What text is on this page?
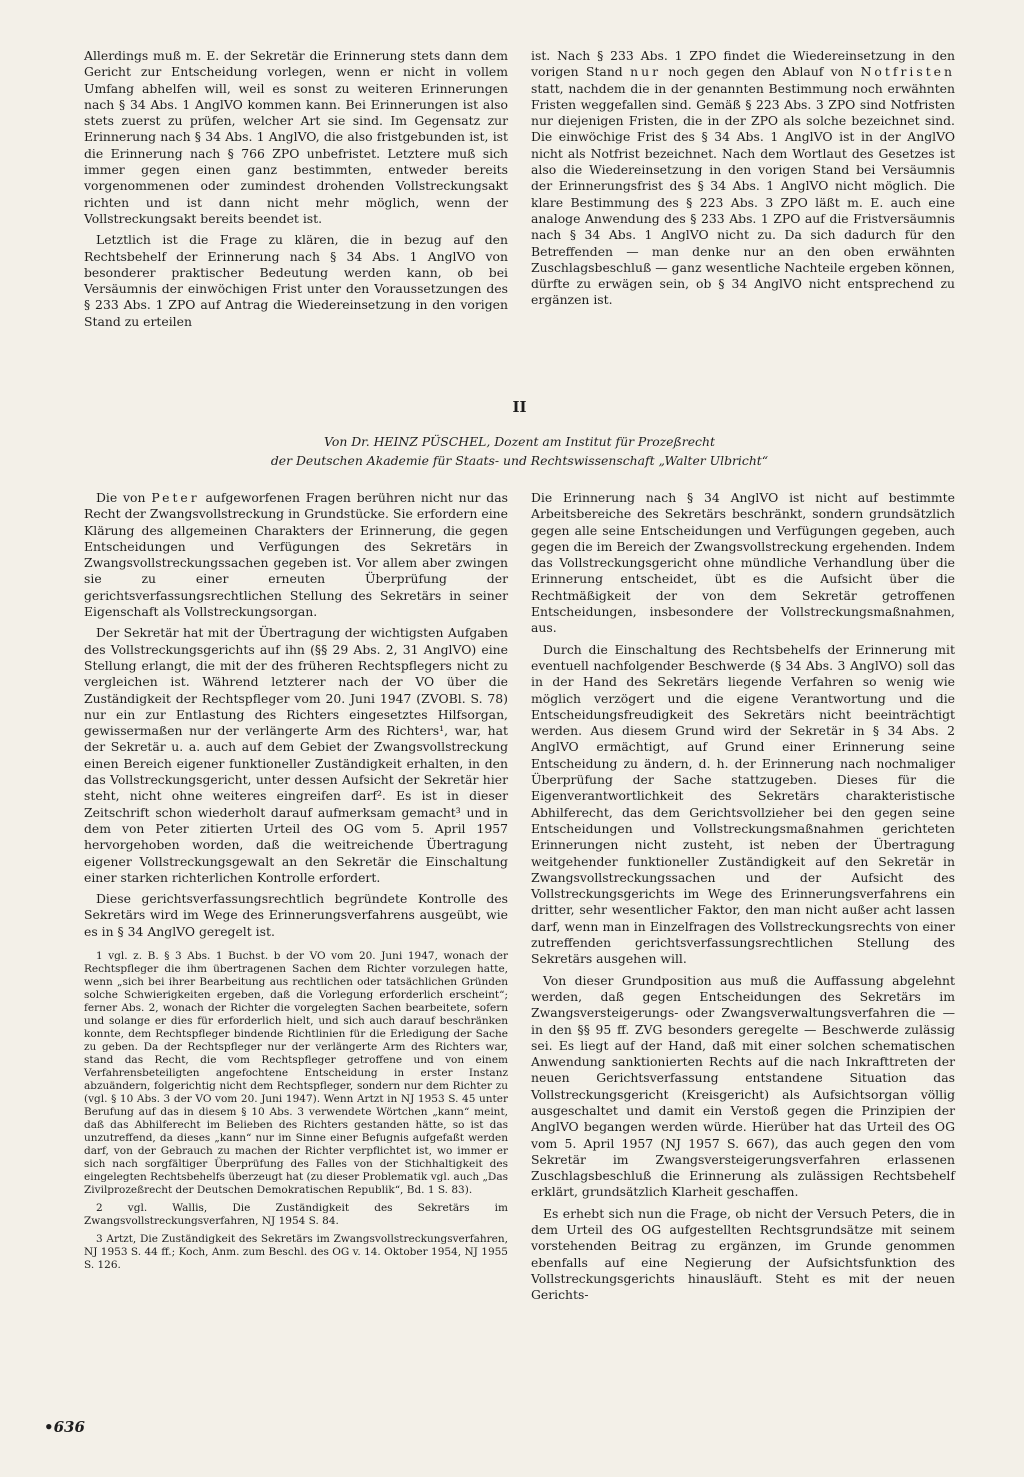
Allerdings muß m. E. der Sekretär die Erinnerung stets dann dem Gericht zur Entscheidung vorlegen, wenn er nicht in vollem Umfang abhelfen will, weil es sonst zu weiteren Erinnerungen nach § 34 Abs. 1 AnglVO kommen kann. Bei Erinnerungen ist also stets zuerst zu prüfen, welcher Art sie sind. Im Gegensatz zur Erinnerung nach § 34 Abs. 1 AnglVO, die also fristgebunden ist, ist die Erinnerung nach § 766 ZPO unbefristet. Letztere muß sich immer gegen einen ganz bestimmten, entweder bereits vorgenommenen oder zumindest drohenden Vollstreckungsakt richten und ist dann nicht mehr möglich, wenn der Vollstreckungsakt bereits beendet ist.

Letztlich ist die Frage zu klären, die in bezug auf den Rechtsbehelf der Erinnerung nach § 34 Abs. 1 AnglVO von besonderer praktischer Bedeutung werden kann, ob bei Versäumnis der einwöchigen Frist unter den Voraussetzungen des § 233 Abs. 1 ZPO auf Antrag die Wiedereinsetzung in den vorigen Stand zu erteilen

ist. Nach § 233 Abs. 1 ZPO findet die Wiedereinsetzung in den vorigen Stand nur noch gegen den Ablauf von Notfristen statt, nachdem die in der genannten Bestimmung noch erwähnten Fristen weggefallen sind. Gemäß § 223 Abs. 3 ZPO sind Notfristen nur diejenigen Fristen, die in der ZPO als solche bezeichnet sind. Die einwöchige Frist des § 34 Abs. 1 AnglVO ist in der AnglVO nicht als Notfrist bezeichnet. Nach dem Wortlaut des Gesetzes ist also die Wiedereinsetzung in den vorigen Stand bei Versäumnis der Erinnerungsfrist des § 34 Abs. 1 AnglVO nicht möglich. Die klare Bestimmung des § 223 Abs. 3 ZPO läßt m. E. auch eine analoge Anwendung des § 233 Abs. 1 ZPO auf die Fristversäumnis nach § 34 Abs. 1 AnglVO nicht zu. Da sich dadurch für den Betreffenden — man denke nur an den oben erwähnten Zuschlagsbeschluß — ganz wesentliche Nachteile ergeben können, dürfte zu erwägen sein, ob § 34 AnglVO nicht entsprechend zu ergänzen ist.

II
Von Dr. HEINZ PÜSCHEL, Dozent am Institut für Prozeßrecht
der Deutschen Akademie für Staats- und Rechtswissenschaft „Walter Ulbricht“

Die von Peter aufgeworfenen Fragen berühren nicht nur das Recht der Zwangsvollstreckung in Grundstücke. Sie erfordern eine Klärung des allgemeinen Charakters der Erinnerung, die gegen Entscheidungen und Verfügungen des Sekretärs in Zwangsvollstreckungssachen gegeben ist. Vor allem aber zwingen sie zu einer erneuten Überprüfung der gerichtsverfassungsrechtlichen Stellung des Sekretärs in seiner Eigenschaft als Vollstreckungsorgan.

Der Sekretär hat mit der Übertragung der wichtigsten Aufgaben des Vollstreckungsgerichts auf ihn (§§ 29 Abs. 2, 31 AnglVO) eine Stellung erlangt, die mit der des früheren Rechtspflegers nicht zu vergleichen ist. Während letzterer nach der VO über die Zuständigkeit der Rechtspfleger vom 20. Juni 1947 (ZVOBl. S. 78) nur ein zur Entlastung des Richters eingesetztes Hilfsorgan, gewissermaßen nur der verlängerte Arm des Richters¹, war, hat der Sekretär u. a. auch auf dem Gebiet der Zwangsvollstreckung einen Bereich eigener funktioneller Zuständigkeit erhalten, in den das Vollstreckungsgericht, unter dessen Aufsicht der Sekretär hier steht, nicht ohne weiteres eingreifen darf². Es ist in dieser Zeitschrift schon wiederholt darauf aufmerksam gemacht³ und in dem von Peter zitierten Urteil des OG vom 5. April 1957 hervorgehoben worden, daß die weitreichende Übertragung eigener Vollstreckungsgewalt an den Sekretär die Einschaltung einer starken richterlichen Kontrolle erfordert.

Diese gerichtsverfassungsrechtlich begründete Kontrolle des Sekretärs wird im Wege des Erinnerungsverfahrens ausgeübt, wie es in § 34 AnglVO geregelt ist.

1 vgl. z. B. § 3 Abs. 1 Buchst. b der VO vom 20. Juni 1947, wonach der Rechtspfleger die ihm übertragenen Sachen dem Richter vorzulegen hatte, wenn „sich bei ihrer Bearbeitung aus rechtlichen oder tatsächlichen Gründen solche Schwierigkeiten ergeben, daß die Vorlegung erforderlich erscheint“; ferner Abs. 2, wonach der Richter die vorgelegten Sachen bearbeitete, sofern und solange er dies für erforderlich hielt, und sich auch darauf beschränken konnte, dem Rechtspfleger bindende Richtlinien für die Erledigung der Sache zu geben. Da der Rechtspfleger nur der verlängerte Arm des Richters war, stand das Recht, die vom Rechtspfleger getroffene und von einem Verfahrensbeteiligten angefochtene Entscheidung in erster Instanz abzuändern, folgerichtig nicht dem Rechtspfleger, sondern nur dem Richter zu (vgl. § 10 Abs. 3 der VO vom 20. Juni 1947). Wenn Artzt in NJ 1953 S. 45 unter Berufung auf das in diesem § 10 Abs. 3 verwendete Wörtchen „kann“ meint, daß das Abhilferecht im Belieben des Richters gestanden hätte, so ist das unzutreffend, da dieses „kann“ nur im Sinne einer Befugnis aufgefaßt werden darf, von der Gebrauch zu machen der Richter verpflichtet ist, wo immer er sich nach sorgfältiger Überprüfung des Falles von der Stichhaltigkeit des eingelegten Rechtsbehelfs überzeugt hat (zu dieser Problematik vgl. auch „Das Zivilprozeßrecht der Deutschen Demokratischen Republik“, Bd. 1 S. 83).

2 vgl. Wallis, Die Zuständigkeit des Sekretärs im Zwangsvollstreckungsverfahren, NJ 1954 S. 84.

3 Artzt, Die Zuständigkeit des Sekretärs im Zwangsvollstreckungsverfahren, NJ 1953 S. 44 ff.; Koch, Anm. zum Beschl. des OG v. 14. Oktober 1954, NJ 1955 S. 126.

Die Erinnerung nach § 34 AnglVO ist nicht auf bestimmte Arbeitsbereiche des Sekretärs beschränkt, sondern grundsätzlich gegen alle seine Entscheidungen und Verfügungen gegeben, auch gegen die im Bereich der Zwangsvollstreckung ergehenden. Indem das Vollstreckungsgericht ohne mündliche Verhandlung über die Erinnerung entscheidet, übt es die Aufsicht über die Rechtmäßigkeit der von dem Sekretär getroffenen Entscheidungen, insbesondere der Vollstreckungsmaßnahmen, aus.

Durch die Einschaltung des Rechtsbehelfs der Erinnerung mit eventuell nachfolgender Beschwerde (§ 34 Abs. 3 AnglVO) soll das in der Hand des Sekretärs liegende Verfahren so wenig wie möglich verzögert und die eigene Verantwortung und die Entscheidungsfreudigkeit des Sekretärs nicht beeinträchtigt werden. Aus diesem Grund wird der Sekretär in § 34 Abs. 2 AnglVO ermächtigt, auf Grund einer Erinnerung seine Entscheidung zu ändern, d. h. der Erinnerung nach nochmaliger Überprüfung der Sache stattzugeben. Dieses für die Eigenverantwortlichkeit des Sekretärs charakteristische Abhilferecht, das dem Gerichtsvollzieher bei den gegen seine Entscheidungen und Vollstreckungsmaßnahmen gerichteten Erinnerungen nicht zusteht, ist neben der Übertragung weitgehender funktioneller Zuständigkeit auf den Sekretär in Zwangsvollstreckungssachen und der Aufsicht des Vollstreckungsgerichts im Wege des Erinnerungsverfahrens ein dritter, sehr wesentlicher Faktor, den man nicht außer acht lassen darf, wenn man in Einzelfragen des Vollstreckungsrechts von einer zutreffenden gerichtsverfassungsrechtlichen Stellung des Sekretärs ausgehen will.

Von dieser Grundposition aus muß die Auffassung abgelehnt werden, daß gegen Entscheidungen des Sekretärs im Zwangsversteigerungs- oder Zwangsverwaltungsverfahren die — in den §§ 95 ff. ZVG besonders geregelte — Beschwerde zulässig sei. Es liegt auf der Hand, daß mit einer solchen schematischen Anwendung sanktionierten Rechts auf die nach Inkrafttreten der neuen Gerichtsverfassung entstandene Situation das Vollstreckungsgericht (Kreisgericht) als Aufsichtsorgan völlig ausgeschaltet und damit ein Verstoß gegen die Prinzipien der AnglVO begangen werden würde. Hierüber hat das Urteil des OG vom 5. April 1957 (NJ 1957 S. 667), das auch gegen den vom Sekretär im Zwangsversteigerungsverfahren erlassenen Zuschlagsbeschluß die Erinnerung als zulässigen Rechtsbehelf erklärt, grundsätzlich Klarheit geschaffen.

Es erhebt sich nun die Frage, ob nicht der Versuch Peters, die in dem Urteil des OG aufgestellten Rechtsgrundsätze mit seinem vorstehenden Beitrag zu ergänzen, im Grunde genommen ebenfalls auf eine Negierung der Aufsichtsfunktion des Vollstreckungsgerichts hinausläuft. Steht es mit der neuen Gerichts-

•636
